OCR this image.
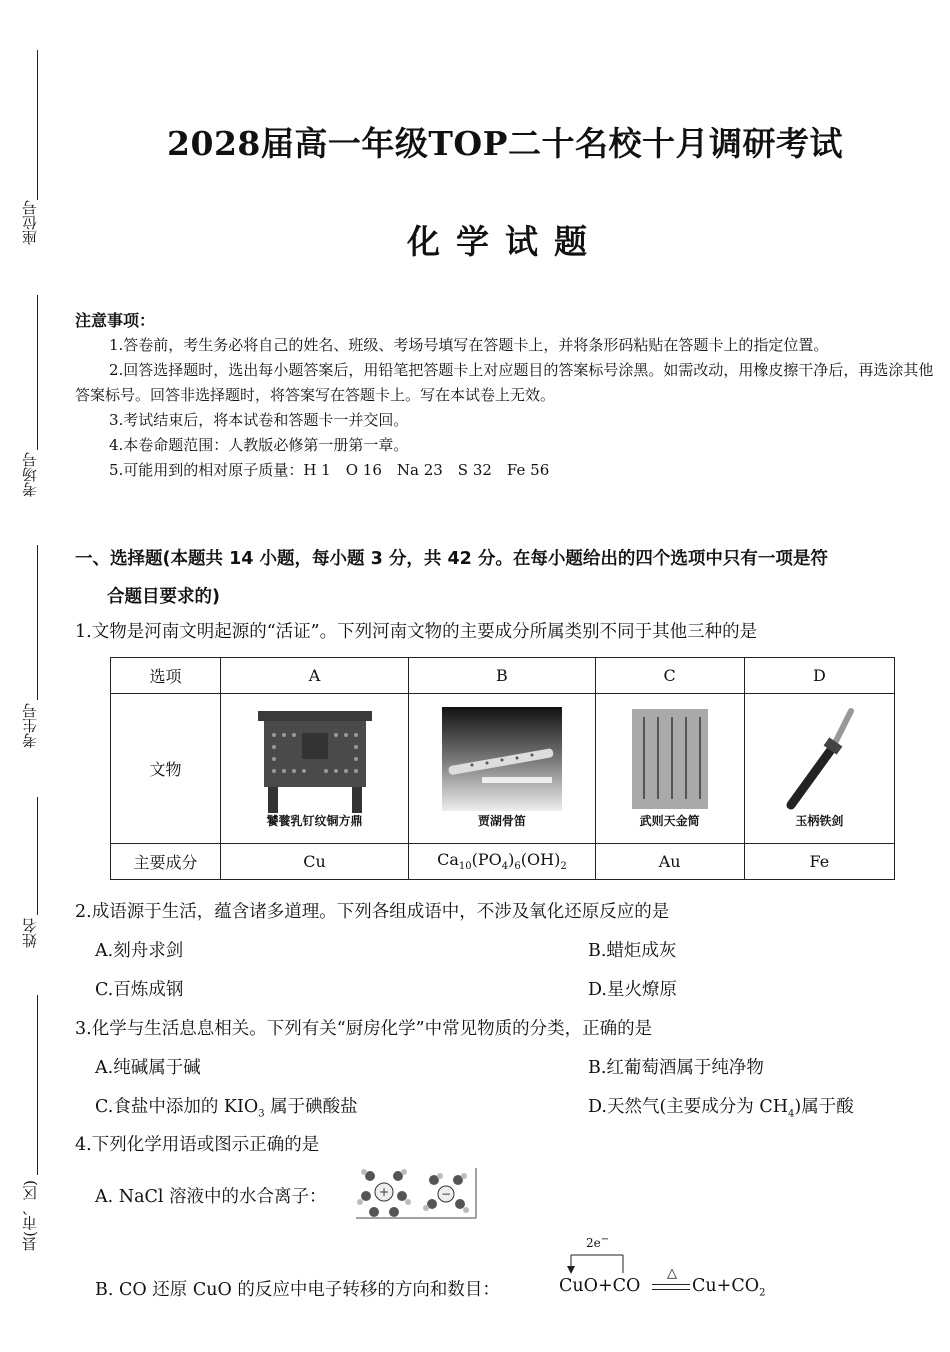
座位号
考场号
考生号
姓名
县(市、区)
2028届高一年级TOP二十名校十月调研考试
化学试题
注意事项：

1.答卷前，考生务必将自己的姓名、班级、考场号填写在答题卡上，并将条形码粘贴在答题卡上的指定位置。

2.回答选择题时，选出每小题答案后，用铅笔把答题卡上对应题目的答案标号涂黑。如需改动，用橡皮擦干净后，再选涂其他答案标号。回答非选择题时，将答案写在答题卡上。写在本试卷上无效。

3.考试结束后，将本试卷和答题卡一并交回。

4.本卷命题范围：人教版必修第一册第一章。

5.可能用到的相对原子质量：H 1　O 16　Na 23　S 32　Fe 56

一、选择题(本题共 14 小题，每小题 3 分，共 42 分。在每小题给出的四个选项中只有一项是符
合题目要求的)
1.文物是河南文明起源的“活证”。下列河南文物的主要成分所属类别不同于其他三种的是
选项	A	B	C	D
文物	饕餮乳钉纹铜方鼎	贾湖骨笛	武则天金简	玉柄铁剑

主要成分	Cu	$Ca_{10}(PO_4)_6(OH)_2$	Au	Fe
2.成语源于生活，蕴含诸多道理。下列各组成语中，不涉及氧化还原反应的是
A.刻舟求剑	B.蜡炬成灰
C.百炼成钢	D.星火燎原
3.化学与生活息息相关。下列有关“厨房化学”中常见物质的分类，正确的是
A.纯碱属于碱	B.红葡萄酒属于纯净物
C.食盐中添加的 $KIO_3$ 属于碘酸盐	D.天然气(主要成分为 $CH_4$)属于酸
4.下列化学用语或图示正确的是
A. NaCl 溶液中的水合离子：	+	−
B. CO 还原 CuO 的反应中电子转移的方向和数目：
2e−
CuO+CO
△
$Cu+CO_2$
